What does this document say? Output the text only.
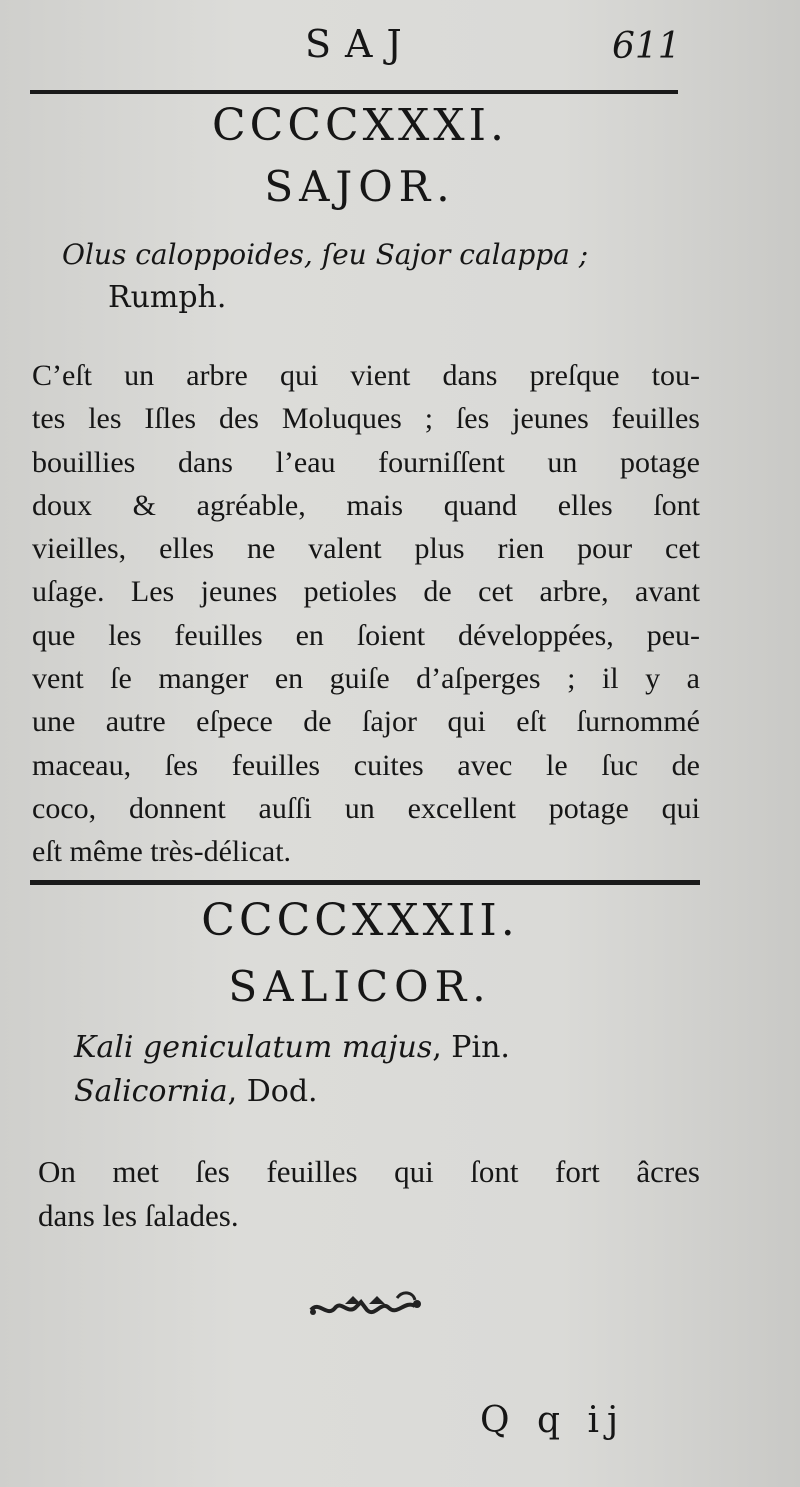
SAJ	611
CCCCXXXI.
SAJOR.
Olus caloppoides, ſeu Sajor calappa ;
Rumph.
C’eſt un arbre qui vient dans preſque tou-
tes les Iſles des Moluques ; ſes jeunes feuilles
bouillies dans l’eau fourniſſent un potage
doux & agréable, mais quand elles ſont
vieilles, elles ne valent plus rien pour cet
uſage. Les jeunes petioles de cet arbre, avant
que les feuilles en ſoient développées, peu-
vent ſe manger en guiſe d’aſperges ; il y a
une autre eſpece de ſajor qui eſt ſurnommé
maceau, ſes feuilles cuites avec le ſuc de
coco, donnent auſſi un excellent potage qui
eſt même très-délicat.
CCCCXXXII.
SALICOR.
Kali geniculatum majus, Pin.
Salicornia, Dod.
On met ſes feuilles qui ſont fort âcres
dans les ſalades.
Q q ij
